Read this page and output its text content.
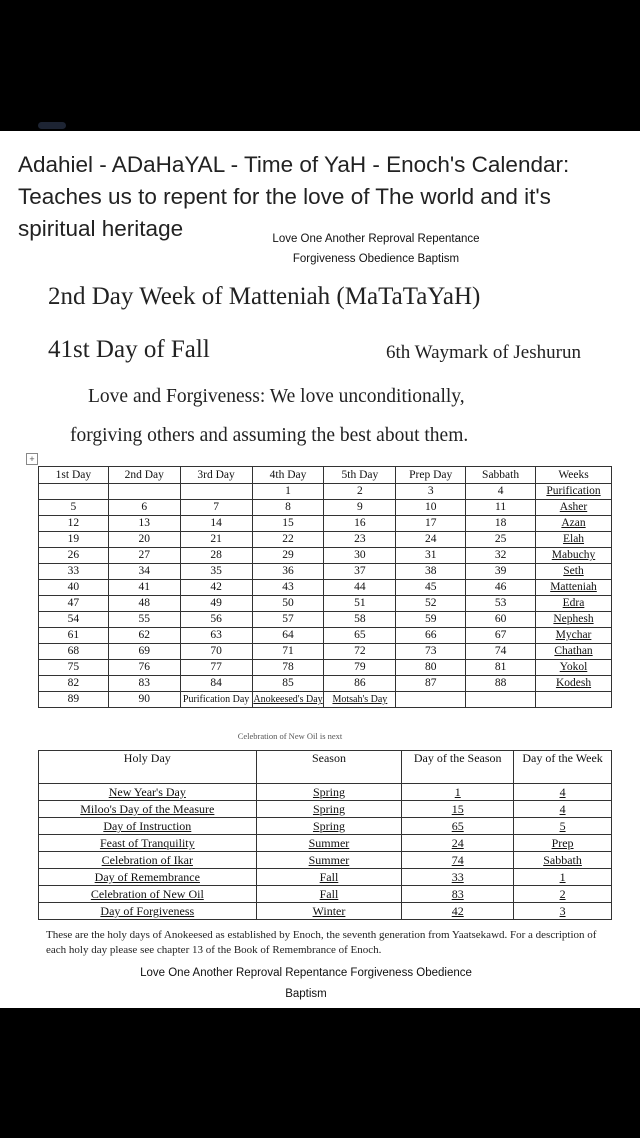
Adahiel - ADaHaYAL - Time of YaH - Enoch's Calendar: Teaches us to repent for the love of The world and it's spiritual heritage	Love One Another Reproval Repentance
Forgiveness Obedience Baptism
2nd Day Week of Matteniah (MaTaTaYaH)
41st Day of Fall	6th Waymark of Jeshurun
Love and Forgiveness: We love unconditionally,
forgiving others and assuming the best about them.
+
1st Day	2nd Day	3rd Day	4th Day	5th Day	Prep Day	Sabbath	Weeks
			1	2	3	4	Purification
5	6	7	8	9	10	11	Asher
12	13	14	15	16	17	18	Azan
19	20	21	22	23	24	25	Elah
26	27	28	29	30	31	32	Mabuchy
33	34	35	36	37	38	39	Seth
40	41	42	43	44	45	46	Matteniah
47	48	49	50	51	52	53	Edra
54	55	56	57	58	59	60	Nephesh
61	62	63	64	65	66	67	Mychar
68	69	70	71	72	73	74	Chathan
75	76	77	78	79	80	81	Yokol
82	83	84	85	86	87	88	Kodesh
89	90	Purification Day	Anokeesed's Day	Motsah's Day			
Celebration of New Oil is next
Holy Day	Season	Day of the Season	Day of the Week
New Year's Day	Spring	1	4
Miloo's Day of the Measure	Spring	15	4
Day of Instruction	Spring	65	5
Feast of Tranquility	Summer	24	Prep
Celebration of Ikar	Summer	74	Sabbath
Day of Remembrance	Fall	33	1
Celebration of New Oil	Fall	83	2
Day of Forgiveness	Winter	42	3
These are the holy days of Anokeesed as established by Enoch, the seventh generation from Yaatsekawd. For a description of each holy day please see chapter 13 of the Book of Remembrance of Enoch.
Love One Another Reproval Repentance Forgiveness Obedience
Baptism
